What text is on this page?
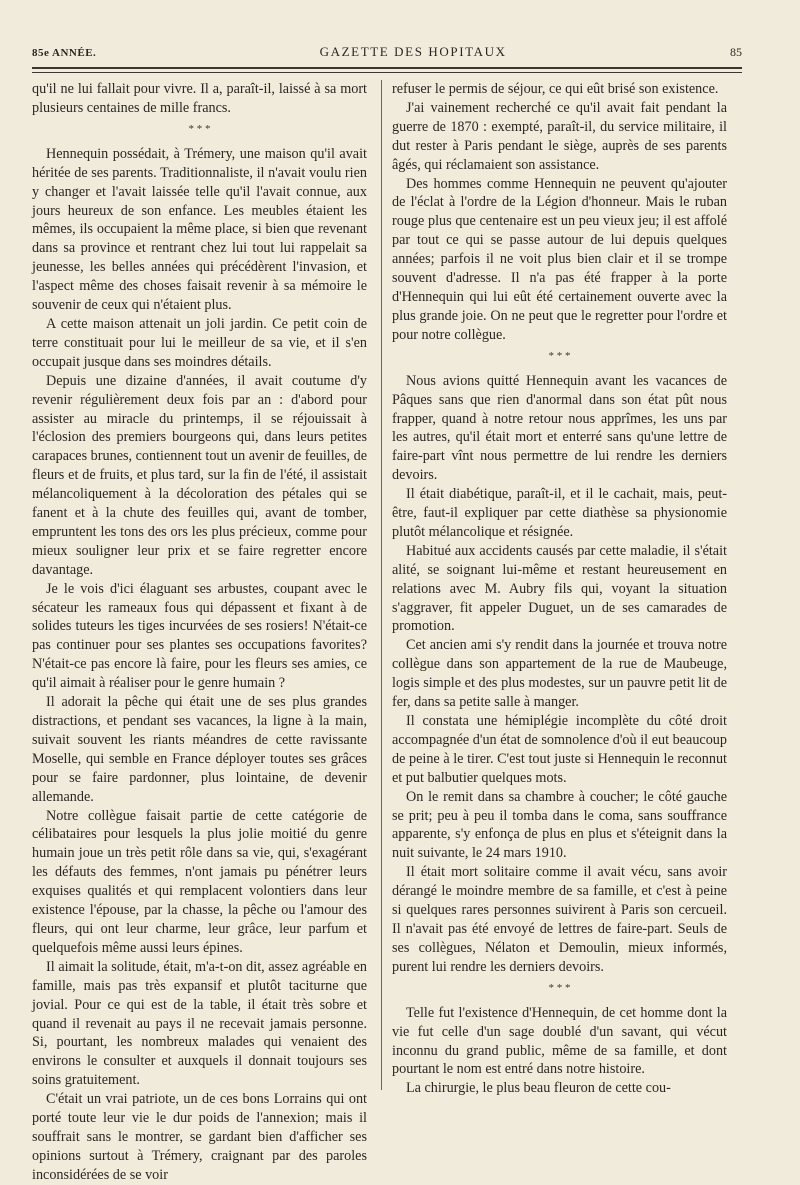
85e ANNÉE.	GAZETTE DES HOPITAUX	85

qu'il ne lui fallait pour vivre. Il a, paraît-il, laissé à sa mort plusieurs centaines de mille francs.

* * *

Hennequin possédait, à Trémery, une maison qu'il avait héritée de ses parents. Traditionnaliste, il n'avait voulu rien y changer et l'avait laissée telle qu'il l'avait connue, aux jours heureux de son enfance. Les meubles étaient les mêmes, ils occupaient la même place, si bien que revenant dans sa province et rentrant chez lui tout lui rappelait sa jeunesse, les belles années qui précédèrent l'invasion, et l'aspect même des choses faisait revenir à sa mémoire le souvenir de ceux qui n'étaient plus.

A cette maison attenait un joli jardin. Ce petit coin de terre constituait pour lui le meilleur de sa vie, et il s'en occupait jusque dans ses moindres détails.

Depuis une dizaine d'années, il avait coutume d'y revenir régulièrement deux fois par an : d'abord pour assister au miracle du printemps, il se réjouissait à l'éclosion des premiers bourgeons qui, dans leurs petites carapaces brunes, contiennent tout un avenir de feuilles, de fleurs et de fruits, et plus tard, sur la fin de l'été, il assistait mélancoliquement à la décoloration des pétales qui se fanent et à la chute des feuilles qui, avant de tomber, empruntent les tons des ors les plus précieux, comme pour mieux souligner leur prix et se faire regretter encore davantage.

Je le vois d'ici élaguant ses arbustes, coupant avec le sécateur les rameaux fous qui dépassent et fixant à de solides tuteurs les tiges incurvées de ses rosiers! N'était-ce pas continuer pour ses plantes ses occupations favorites? N'était-ce pas encore là faire, pour les fleurs ses amies, ce qu'il aimait à réaliser pour le genre humain ?

Il adorait la pêche qui était une de ses plus grandes distractions, et pendant ses vacances, la ligne à la main, suivait souvent les riants méandres de cette ravissante Moselle, qui semble en France déployer toutes ses grâces pour se faire pardonner, plus lointaine, de devenir allemande.

Notre collègue faisait partie de cette catégorie de célibataires pour lesquels la plus jolie moitié du genre humain joue un très petit rôle dans sa vie, qui, s'exagérant les défauts des femmes, n'ont jamais pu pénétrer leurs exquises qualités et qui remplacent volontiers dans leur existence l'épouse, par la chasse, la pêche ou l'amour des fleurs, qui ont leur charme, leur grâce, leur parfum et quelquefois même aussi leurs épines.

Il aimait la solitude, était, m'a-t-on dit, assez agréable en famille, mais pas très expansif et plutôt taciturne que jovial. Pour ce qui est de la table, il était très sobre et quand il revenait au pays il ne recevait jamais personne. Si, pourtant, les nombreux malades qui venaient des environs le consulter et auxquels il donnait toujours ses soins gratuitement.

C'était un vrai patriote, un de ces bons Lorrains qui ont porté toute leur vie le dur poids de l'annexion; mais il souffrait sans le montrer, se gardant bien d'afficher ses opinions surtout à Trémery, craignant par des paroles inconsidérées de se voir

refuser le permis de séjour, ce qui eût brisé son existence.

J'ai vainement recherché ce qu'il avait fait pendant la guerre de 1870 : exempté, paraît-il, du service militaire, il dut rester à Paris pendant le siège, auprès de ses parents âgés, qui réclamaient son assistance.

Des hommes comme Hennequin ne peuvent qu'ajouter de l'éclat à l'ordre de la Légion d'honneur. Mais le ruban rouge plus que centenaire est un peu vieux jeu; il est affolé par tout ce qui se passe autour de lui depuis quelques années; parfois il ne voit plus bien clair et il se trompe souvent d'adresse. Il n'a pas été frapper à la porte d'Hennequin qui lui eût été certainement ouverte avec la plus grande joie. On ne peut que le regretter pour l'ordre et pour notre collègue.

* * *

Nous avions quitté Hennequin avant les vacances de Pâques sans que rien d'anormal dans son état pût nous frapper, quand à notre retour nous apprîmes, les uns par les autres, qu'il était mort et enterré sans qu'une lettre de faire-part vînt nous permettre de lui rendre les derniers devoirs.

Il était diabétique, paraît-il, et il le cachait, mais, peut-être, faut-il expliquer par cette diathèse sa physionomie plutôt mélancolique et résignée.

Habitué aux accidents causés par cette maladie, il s'était alité, se soignant lui-même et restant heureusement en relations avec M. Aubry fils qui, voyant la situation s'aggraver, fit appeler Duguet, un de ses camarades de promotion.

Cet ancien ami s'y rendit dans la journée et trouva notre collègue dans son appartement de la rue de Maubeuge, logis simple et des plus modestes, sur un pauvre petit lit de fer, dans sa petite salle à manger.

Il constata une hémiplégie incomplète du côté droit accompagnée d'un état de somnolence d'où il eut beaucoup de peine à le tirer. C'est tout juste si Hennequin le reconnut et put balbutier quelques mots.

On le remit dans sa chambre à coucher; le côté gauche se prit; peu à peu il tomba dans le coma, sans souffrance apparente, s'y enfonça de plus en plus et s'éteignit dans la nuit suivante, le 24 mars 1910.

Il était mort solitaire comme il avait vécu, sans avoir dérangé le moindre membre de sa famille, et c'est à peine si quelques rares personnes suivirent à Paris son cercueil. Il n'avait pas été envoyé de lettres de faire-part. Seuls de ses collègues, Nélaton et Demoulin, mieux informés, purent lui rendre les derniers devoirs.

* * *

Telle fut l'existence d'Hennequin, de cet homme dont la vie fut celle d'un sage doublé d'un savant, qui vécut inconnu du grand public, même de sa famille, et dont pourtant le nom est entré dans notre histoire.

La chirurgie, le plus beau fleuron de cette cou-
